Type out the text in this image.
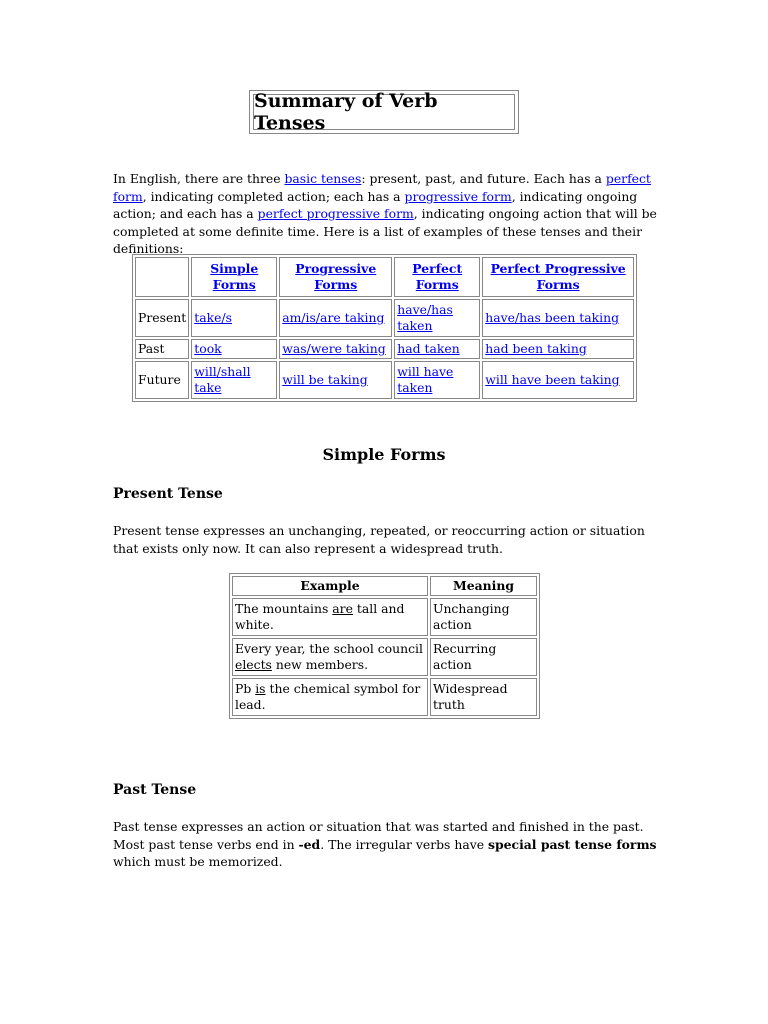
Summary of Verb Tenses

In English, there are three basic tenses: present, past, and future. Each has a perfect form, indicating completed action; each has a progressive form, indicating ongoing action; and each has a perfect progressive form, indicating ongoing action that will be completed at some definite time. Here is a list of examples of these tenses and their definitions:

	Simple Forms	Progressive Forms	Perfect Forms	Perfect Progressive Forms
Present	take/s	am/is/are taking	have/has taken	have/has been taking
Past	took	was/were taking	had taken	had been taking
Future	will/shall take	will be taking	will have taken	will have been taking
Simple Forms
Present Tense

Present tense expresses an unchanging, repeated, or reoccurring action or situation that exists only now. It can also represent a widespread truth.

Example	Meaning
The mountains are tall and white.	Unchanging action
Every year, the school council elects new members.	Recurring action
Pb is the chemical symbol for lead.	Widespread truth
Past Tense

Past tense expresses an action or situation that was started and finished in the past. Most past tense verbs end in -ed. The irregular verbs have special past tense forms which must be memorized.
